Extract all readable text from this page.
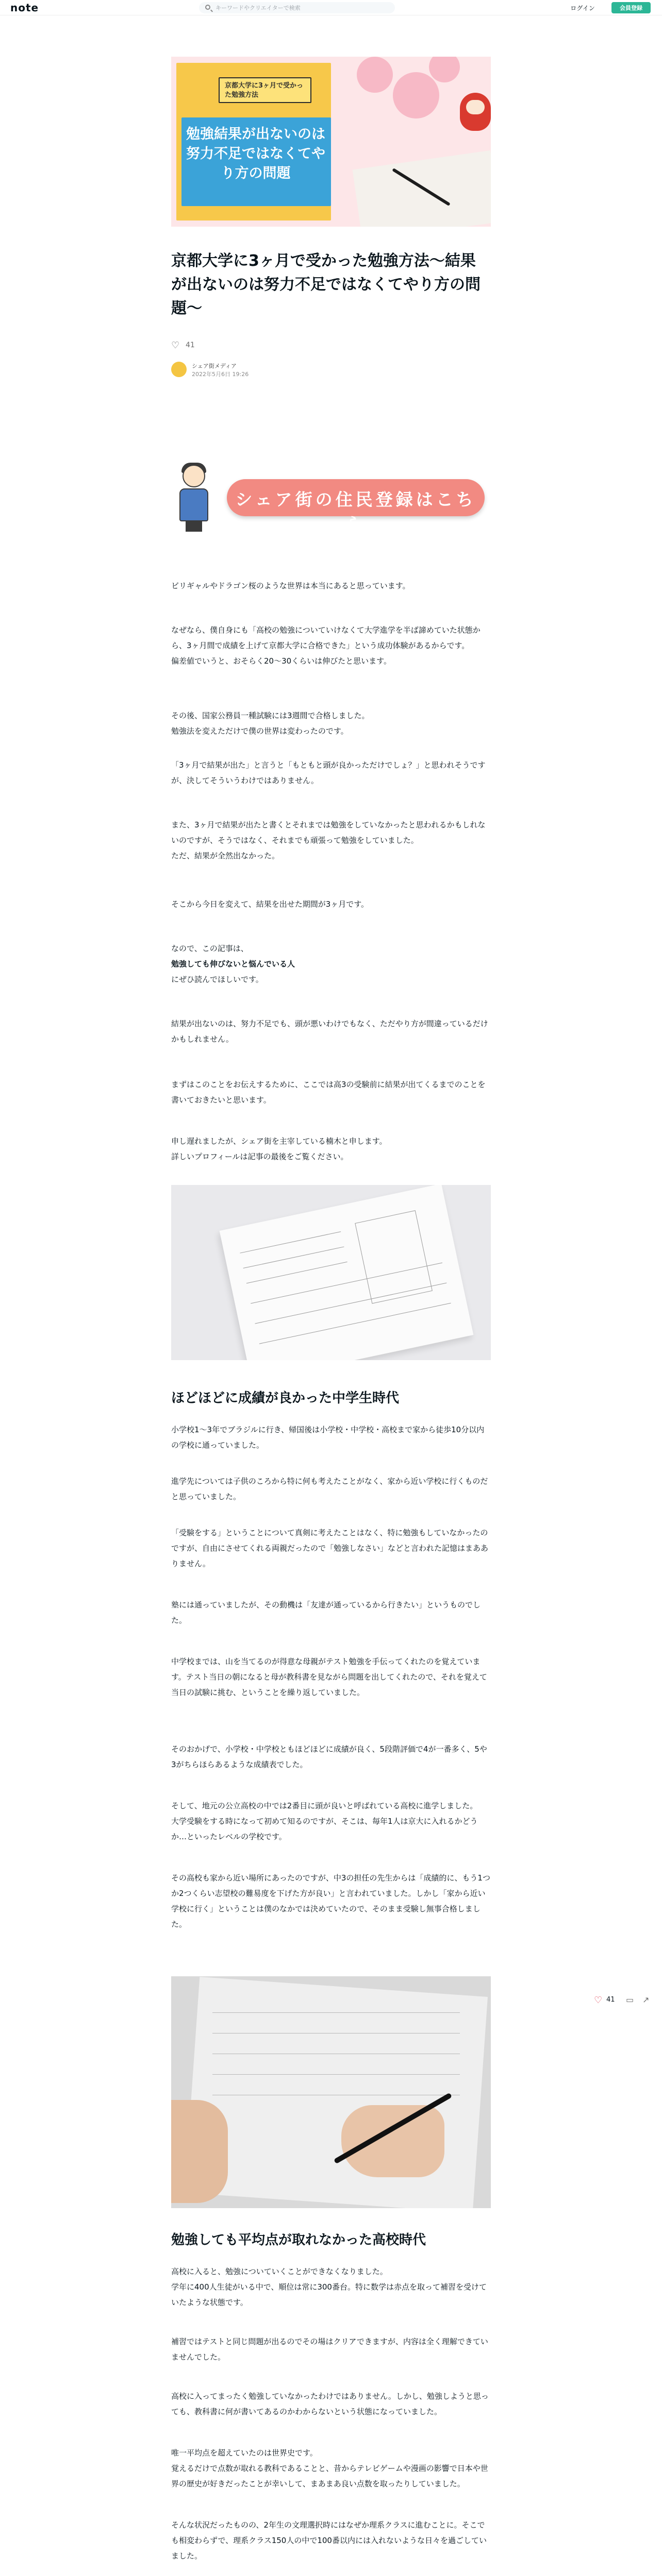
note
キーワードやクリエイターで検索	ログイン	会員登録
京都大学に3ヶ月で受かった勉強方法
勉強結果が出ないのは努力不足ではなくてやり方の問題
京都大学に3ヶ月で受かった勉強方法〜結果が出ないのは努力不足ではなくてやり方の問題〜
♡ 41
シェア街メディア
2022年5月6日 19:26
シェア街の住民登録はこちら

ビリギャルやドラゴン桜のような世界は本当にあると思っています。

なぜなら、僕自身にも「高校の勉強についていけなくて大学進学を半ば諦めていた状態から、3ヶ月間で成績を上げて京都大学に合格できた」という成功体験があるからです。
偏差値でいうと、おそらく20〜30くらいは伸びたと思います。

その後、国家公務員一種試験には3週間で合格しました。
勉強法を変えただけで僕の世界は変わったのです。

「3ヶ月で結果が出た」と言うと「もともと頭が良かっただけでしょ？」と思われそうですが、決してそういうわけではありません。

また、3ヶ月で結果が出たと書くとそれまでは勉強をしていなかったと思われるかもしれないのですが、そうではなく、それまでも頑張って勉強をしていました。
ただ、結果が全然出なかった。

そこから今日を変えて、結果を出せた期間が3ヶ月です。

なので、この記事は、

勉強しても伸びないと悩んでいる人

にぜひ読んでほしいです。

結果が出ないのは、努力不足でも、頭が悪いわけでもなく、ただやり方が間違っているだけかもしれません。

まずはこのことをお伝えするために、ここでは高3の受験前に結果が出てくるまでのことを書いておきたいと思います。

申し遅れましたが、シェア街を主宰している楠木と申します。
詳しいプロフィールは記事の最後をご覧ください。

ほどほどに成績が良かった中学生時代

小学校1〜3年でブラジルに行き、帰国後は小学校・中学校・高校まで家から徒歩10分以内の学校に通っていました。

進学先については子供のころから特に何も考えたことがなく、家から近い学校に行くものだと思っていました。

「受験をする」ということについて真剣に考えたことはなく、特に勉強もしていなかったのですが、自由にさせてくれる両親だったので「勉強しなさい」などと言われた記憶はまあありません。

塾には通っていましたが、その動機は「友達が通っているから行きたい」というものでした。

中学校までは、山を当てるのが得意な母親がテスト勉強を手伝ってくれたのを覚えています。テスト当日の朝になると母が教科書を見ながら問題を出してくれたので、それを覚えて当日の試験に挑む、ということを繰り返していました。

そのおかげで、小学校・中学校ともほどほどに成績が良く、5段階評価で4が一番多く、5や3がちらほらあるような成績表でした。

そして、地元の公立高校の中では2番目に頭が良いと呼ばれている高校に進学しました。
大学受験をする時になって初めて知るのですが、そこは、毎年1人は京大に入れるかどうか…といったレベルの学校です。

その高校も家から近い場所にあったのですが、中3の担任の先生からは「成績的に、もう1つか2つくらい志望校の難易度を下げた方が良い」と言われていました。しかし「家から近い学校に行く」ということは僕のなかでは決めていたので、そのまま受験し無事合格しました。

勉強しても平均点が取れなかった高校時代

高校に入ると、勉強についていくことができなくなりました。
学年に400人生徒がいる中で、順位は常に300番台。特に数学は赤点を取って補習を受けていたような状態です。

補習ではテストと同じ問題が出るのでその場はクリアできますが、内容は全く理解できていませんでした。

高校に入ってまったく勉強していなかったわけではありません。しかし、勉強しようと思っても、教科書に何が書いてあるのかわからないという状態になっていました。

唯一平均点を超えていたのは世界史です。
覚えるだけで点数が取れる教科であることと、昔からテレビゲームや漫画の影響で日本や世界の歴史が好きだったことが幸いして、まあまあ良い点数を取ったりしていました。

そんな状況だったものの、2年生の文理選択時にはなぜか理系クラスに進むことに。そこでも相変わらずで、理系クラス150人の中で100番以内には入れないような日々を過ごしていました。

♡ 41 ▭ ↗
